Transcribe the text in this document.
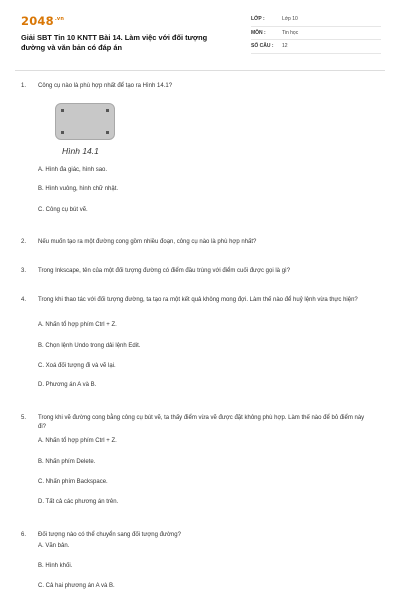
$2048^{.vn}$
Giải SBT Tin 10 KNTT Bài 14. Làm việc với đối tượng đường và văn bản có đáp án
LỚP :	Lớp 10
MÔN :	Tin học
SỐ CÂU :	12
1. Công cụ nào là phù hợp nhất để tạo ra Hình 14.1?
Hình 14.1
A. Hình đa giác, hình sao.
B. Hình vuông, hình chữ nhật.
C. Công cụ bút vẽ.
2. Nếu muốn tạo ra một đường cong gồm nhiều đoạn, công cụ nào là phù hợp nhất?
3. Trong Inkscape, tên của một đối tượng đường có điểm đầu trùng với điểm cuối được gọi là gì?
4. Trong khi thao tác với đối tượng đường, ta tạo ra một kết quả không mong đợi. Làm thế nào để huỷ lệnh vừa thực hiện?
A. Nhấn tổ hợp phím Ctrl + Z.
B. Chọn lệnh Undo trong dải lệnh Edit.
C. Xoá đối tượng đi và vẽ lại.
D. Phương án A và B.
5. Trong khi vẽ đường cong bằng công cụ bút vẽ, ta thấy điểm vừa vẽ được đặt không phù hợp. Làm thế nào để bỏ điểm này đi?
A. Nhấn tổ hợp phím Ctrl + Z.
B. Nhấn phím Delete.
C. Nhấn phím Backspace.
D. Tất cả các phương án trên.
6. Đối tượng nào có thể chuyển sang đối tượng đường?
A. Văn bản.
B. Hình khối.
C. Cả hai phương án A và B.
